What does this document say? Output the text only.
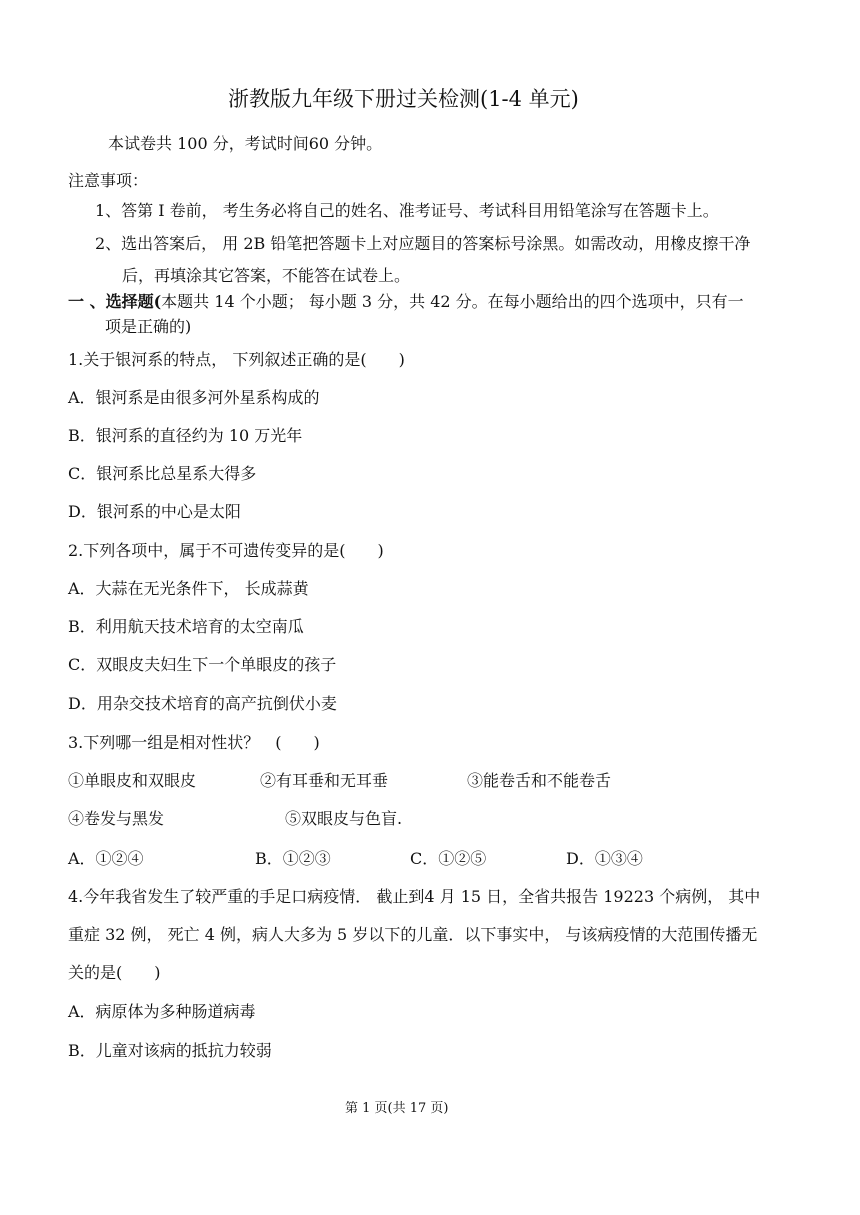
浙教版九年级下册过关检测(1-4 单元)
本试卷共 100 分，考试时间60 分钟。
注意事项：
1、答第 I 卷前， 考生务必将自己的姓名、准考证号、考试科目用铅笔涂写在答题卡上。
2、选出答案后， 用 2B 铅笔把答题卡上对应题目的答案标号涂黑。如需改动，用橡皮擦干净
后，再填涂其它答案，不能答在试卷上。
一 、选择题(本题共 14 个小题； 每小题 3 分，共 42 分。在每小题给出的四个选项中，只有一
项是正确的)
1.关于银河系的特点， 下列叙述正确的是(　　)
A．银河系是由很多河外星系构成的
B．银河系的直径约为 10 万光年
C．银河系比总星系大得多
D．银河系的中心是太阳
2.下列各项中，属于不可遗传变异的是(　　)
A．大蒜在无光条件下， 长成蒜黄
B．利用航天技术培育的太空南瓜
C．双眼皮夫妇生下一个单眼皮的孩子
D．用杂交技术培育的高产抗倒伏小麦
3.下列哪一组是相对性状？　(　　)
①单眼皮和双眼皮	②有耳垂和无耳垂	③能卷舌和不能卷舌
④卷发与黑发	⑤双眼皮与色盲.
A．①②④	B．①②③	C．①②⑤	D．①③④
4.今年我省发生了较严重的手足口病疫情． 截止到4 月 15 日，全省共报告 19223 个病例， 其中
重症 32 例， 死亡 4 例，病人大多为 5 岁以下的儿童．以下事实中， 与该病疫情的大范围传播无
关的是(　　)
A．病原体为多种肠道病毒
B．儿童对该病的抵抗力较弱
第 1 页(共 17 页)
